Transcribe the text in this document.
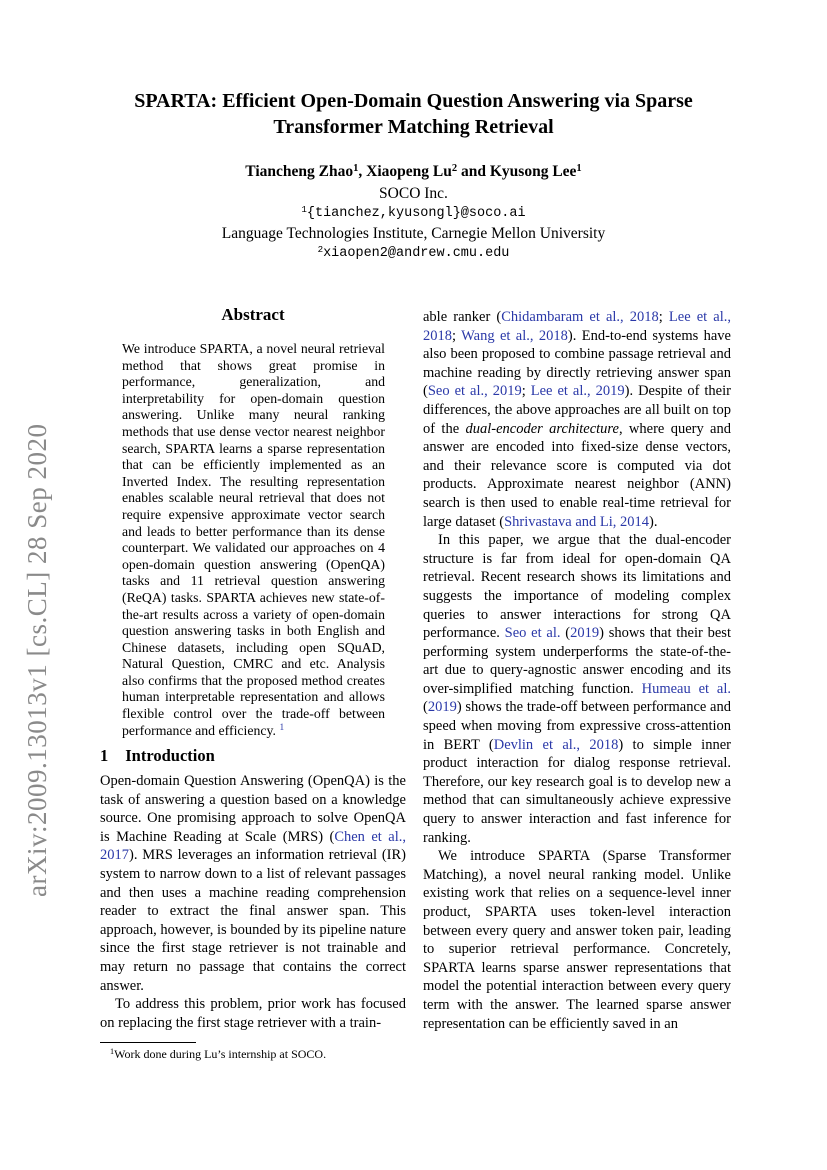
arXiv:2009.13013v1 [cs.CL] 28 Sep 2020
SPARTA: Efficient Open-Domain Question Answering via Sparse Transformer Matching Retrieval
Tiancheng Zhao$^1$, Xiaopeng Lu$^2$ and Kyusong Lee$^1$
SOCO Inc.
$^1${tianchez,kyusongl}@soco.ai
Language Technologies Institute, Carnegie Mellon University
$^2$xiaopen2@andrew.cmu.edu
Abstract
We introduce SPARTA, a novel neural retrieval method that shows great promise in performance, generalization, and interpretability for open-domain question answering. Unlike many neural ranking methods that use dense vector nearest neighbor search, SPARTA learns a sparse representation that can be efficiently implemented as an Inverted Index. The resulting representation enables scalable neural retrieval that does not require expensive approximate vector search and leads to better performance than its dense counterpart. We validated our approaches on 4 open-domain question answering (OpenQA) tasks and 11 retrieval question answering (ReQA) tasks. SPARTA achieves new state-of-the-art results across a variety of open-domain question answering tasks in both English and Chinese datasets, including open SQuAD, Natural Question, CMRC and etc. Analysis also confirms that the proposed method creates human interpretable representation and allows flexible control over the trade-off between performance and efficiency. $^1$
1 Introduction

Open-domain Question Answering (OpenQA) is the task of answering a question based on a knowledge source. One promising approach to solve OpenQA is Machine Reading at Scale (MRS) (Chen et al., 2017). MRS leverages an information retrieval (IR) system to narrow down to a list of relevant passages and then uses a machine reading comprehension reader to extract the final answer span. This approach, however, is bounded by its pipeline nature since the first stage retriever is not trainable and may return no passage that contains the correct answer.

To address this problem, prior work has focused on replacing the first stage retriever with a train-

$^1$Work done during Lu’s internship at SOCO.

able ranker (Chidambaram et al., 2018; Lee et al., 2018; Wang et al., 2018). End-to-end systems have also been proposed to combine passage retrieval and machine reading by directly retrieving answer span (Seo et al., 2019; Lee et al., 2019). Despite of their differences, the above approaches are all built on top of the dual-encoder architecture, where query and answer are encoded into fixed-size dense vectors, and their relevance score is computed via dot products. Approximate nearest neighbor (ANN) search is then used to enable real-time retrieval for large dataset (Shrivastava and Li, 2014).

In this paper, we argue that the dual-encoder structure is far from ideal for open-domain QA retrieval. Recent research shows its limitations and suggests the importance of modeling complex queries to answer interactions for strong QA performance. Seo et al. (2019) shows that their best performing system underperforms the state-of-the-art due to query-agnostic answer encoding and its over-simplified matching function. Humeau et al. (2019) shows the trade-off between performance and speed when moving from expressive cross-attention in BERT (Devlin et al., 2018) to simple inner product interaction for dialog response retrieval. Therefore, our key research goal is to develop new a method that can simultaneously achieve expressive query to answer interaction and fast inference for ranking.

We introduce SPARTA (Sparse Transformer Matching), a novel neural ranking model. Unlike existing work that relies on a sequence-level inner product, SPARTA uses token-level interaction between every query and answer token pair, leading to superior retrieval performance. Concretely, SPARTA learns sparse answer representations that model the potential interaction between every query term with the answer. The learned sparse answer representation can be efficiently saved in an
